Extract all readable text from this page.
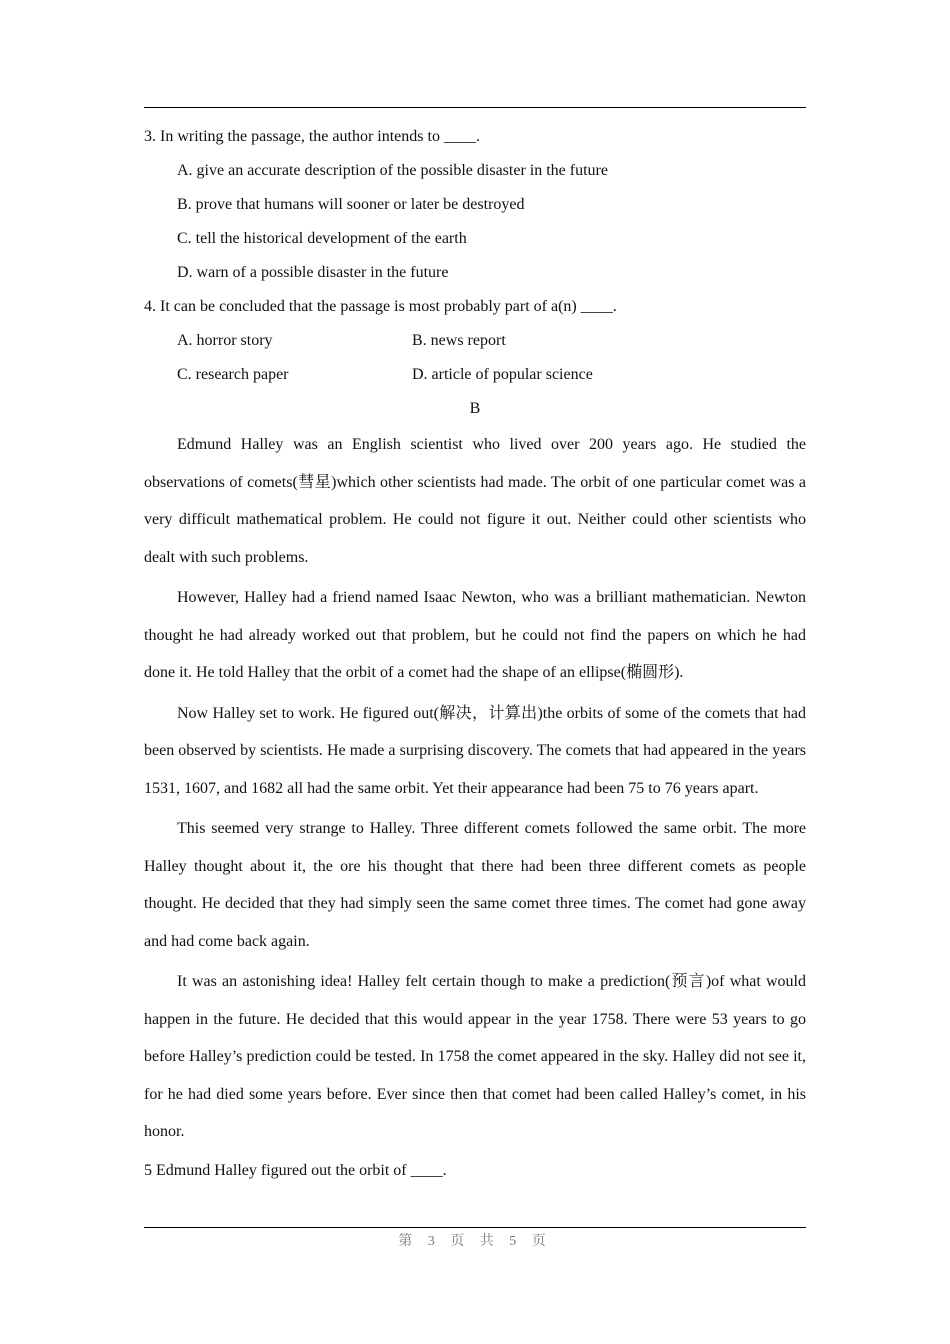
3. In writing the passage, the author intends to ____.
A. give an accurate description of the possible disaster in the future
B. prove that humans will sooner or later be destroyed
C. tell the historical development of the earth
D. warn of a possible disaster in the future
4. It can be concluded that the passage is most probably part of a(n) ____.
A. horror story	B. news report
C. research paper	D. article of popular science
B

Edmund Halley was an English scientist who lived over 200 years ago. He studied the observations of comets(彗星)which other scientists had made. The orbit of one particular comet was a very difficult mathematical problem. He could not figure it out. Neither could other scientists who dealt with such problems.

However, Halley had a friend named Isaac Newton, who was a brilliant mathematician. Newton thought he had already worked out that problem, but he could not find the papers on which he had done it. He told Halley that the orbit of a comet had the shape of an ellipse(椭圆形).

Now Halley set to work. He figured out(解决，计算出)the orbits of some of the comets that had been observed by scientists. He made a surprising discovery. The comets that had appeared in the years 1531, 1607, and 1682 all had the same orbit. Yet their appearance had been 75 to 76 years apart.

This seemed very strange to Halley. Three different comets followed the same orbit. The more Halley thought about it, the ore his thought that there had been three different comets as people thought. He decided that they had simply seen the same comet three times. The comet had gone away and had come back again.

It was an astonishing idea! Halley felt certain though to make a prediction(预言)of what would happen in the future. He decided that this would appear in the year 1758. There were 53 years to go before Halley’s prediction could be tested. In 1758 the comet appeared in the sky. Halley did not see it, for he had died some years before. Ever since then that comet had been called Halley’s comet, in his honor.

5 Edmund Halley figured out the orbit of ____.
第 3 页 共 5 页
